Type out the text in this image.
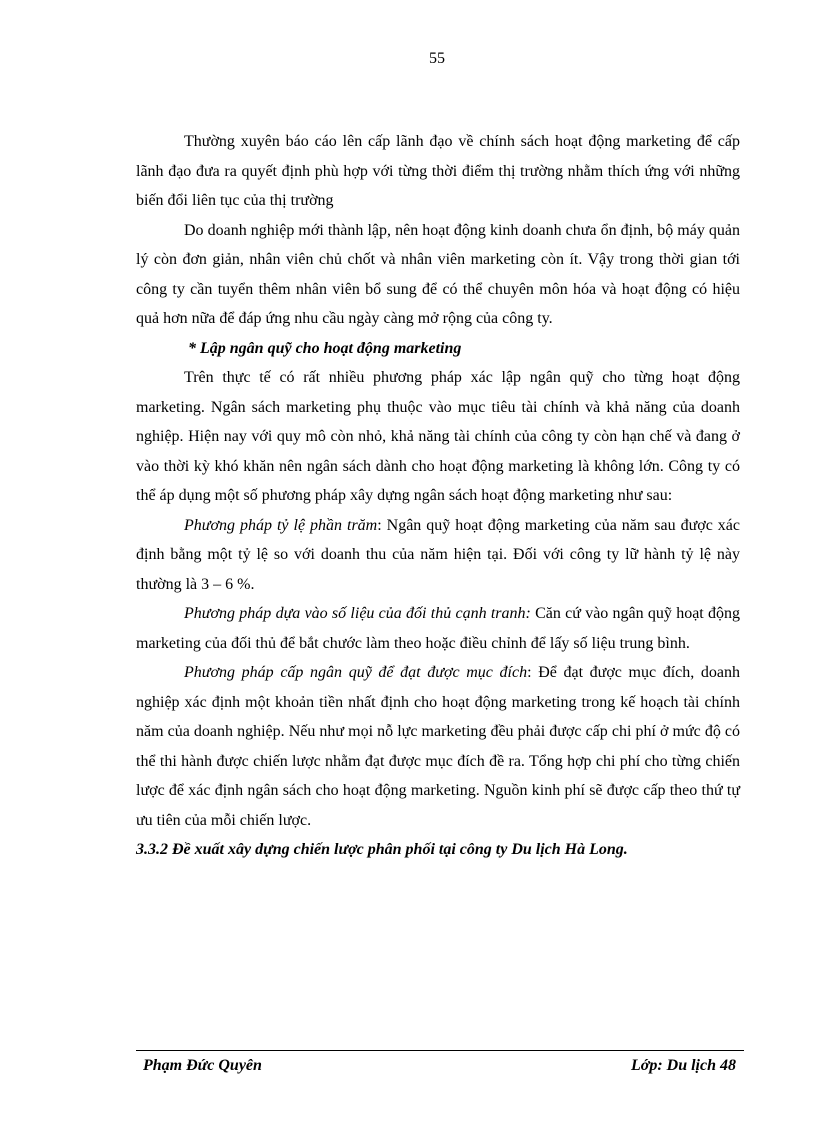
55

Thường xuyên báo cáo lên cấp lãnh đạo về chính sách hoạt động marketing để cấp lãnh đạo đưa ra quyết định phù hợp với từng thời điểm thị trường nhằm thích ứng với những biến đổi liên tục của thị trường

Do doanh nghiệp mới thành lập, nên hoạt động kinh doanh chưa ổn định, bộ máy quản lý còn đơn giản, nhân viên chủ chốt và nhân viên marketing còn ít. Vậy trong thời gian tới công ty cần tuyển thêm nhân viên bổ sung để có thể chuyên môn hóa và hoạt động có hiệu quả hơn nữa để đáp ứng nhu cầu ngày càng mở rộng của công ty.

* Lập ngân quỹ cho hoạt động marketing

Trên thực tế có rất nhiều phương pháp xác lập ngân quỹ cho từng hoạt động marketing. Ngân sách marketing phụ thuộc vào mục tiêu tài chính và khả năng của doanh nghiệp. Hiện nay với quy mô còn nhỏ, khả năng tài chính của công ty còn hạn chế và đang ở vào thời kỳ khó khăn nên ngân sách dành cho hoạt động marketing là không lớn. Công ty có thể áp dụng một số phương pháp xây dựng ngân sách hoạt động marketing như sau:

Phương pháp tỷ lệ phần trăm: Ngân quỹ hoạt động marketing của năm sau được xác định bằng một tỷ lệ so với doanh thu của năm hiện tại. Đối với công ty lữ hành tỷ lệ này thường là 3 – 6 %.

Phương pháp dựa vào số liệu của đối thủ cạnh tranh: Căn cứ vào ngân quỹ hoạt động marketing của đối thủ để bắt chước làm theo hoặc điều chỉnh để lấy số liệu trung bình.

Phương pháp cấp ngân quỹ để đạt được mục đích: Để đạt được mục đích, doanh nghiệp xác định một khoản tiền nhất định cho hoạt động marketing trong kế hoạch tài chính năm của doanh nghiệp. Nếu như mọi nỗ lực marketing đều phải được cấp chi phí ở mức độ có thể thi hành được chiến lược nhằm đạt được mục đích đề ra. Tổng hợp chi phí cho từng chiến lược để xác định ngân sách cho hoạt động marketing. Nguồn kinh phí sẽ được cấp theo thứ tự ưu tiên của mỗi chiến lược.

3.3.2 Đề xuất xây dựng chiến lược phân phối tại công ty Du lịch Hà Long.

Phạm Đức Quyên	Lớp: Du lịch 48
